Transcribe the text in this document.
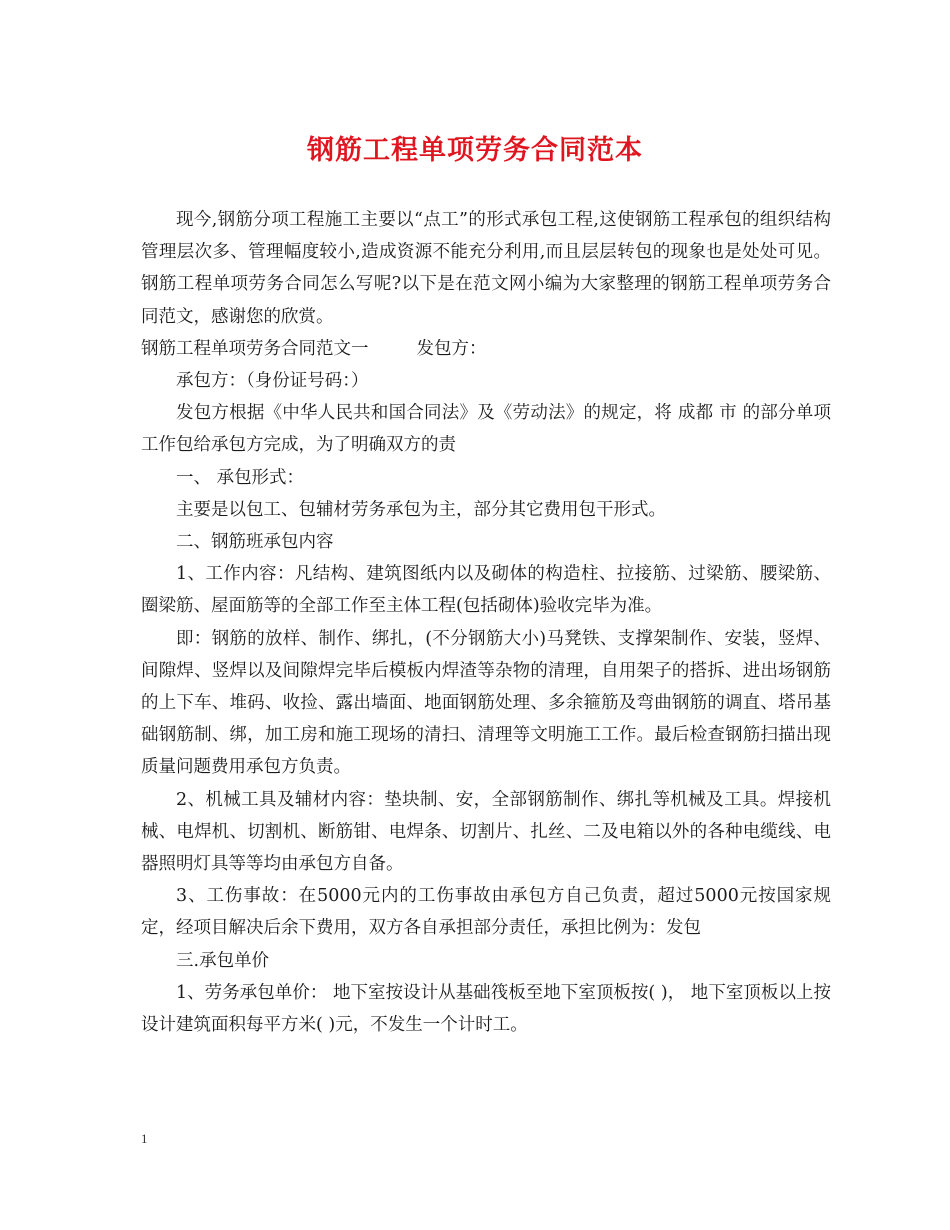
钢筋工程单项劳务合同范本

现今,钢筋分项工程施工主要以“点工”的形式承包工程,这使钢筋工程承包的组织结构管理层次多、管理幅度较小,造成资源不能充分利用,而且层层转包的现象也是处处可见。钢筋工程单项劳务合同怎么写呢?以下是在范文网小编为大家整理的钢筋工程单项劳务合同范文，感谢您的欣赏。

钢筋工程单项劳务合同范文一	发包方：

承包方：（身份证号码：）

发包方根据《中华人民共和国合同法》及《劳动法》的规定，将 成都 市 的部分单项工作包给承包方完成，为了明确双方的责

一、 承包形式：

主要是以包工、包辅材劳务承包为主，部分其它费用包干形式。

二、钢筋班承包内容

1、工作内容：凡结构、建筑图纸内以及砌体的构造柱、拉接筋、过梁筋、腰梁筋、圈梁筋、屋面筋等的全部工作至主体工程(包括砌体)验收完毕为准。

即：钢筋的放样、制作、绑扎，(不分钢筋大小)马凳铁、支撑架制作、安装，竖焊、间隙焊、竖焊以及间隙焊完毕后模板内焊渣等杂物的清理，自用架子的搭拆、进出场钢筋的上下车、堆码、收捡、露出墙面、地面钢筋处理、多余箍筋及弯曲钢筋的调直、塔吊基础钢筋制、绑，加工房和施工现场的清扫、清理等文明施工工作。最后检查钢筋扫描出现质量问题费用承包方负责。

2、机械工具及辅材内容：垫块制、安，全部钢筋制作、绑扎等机械及工具。焊接机械、电焊机、切割机、断筋钳、电焊条、切割片、扎丝、二及电箱以外的各种电缆线、电器照明灯具等等均由承包方自备。

3、工伤事故：在5000元内的工伤事故由承包方自己负责，超过5000元按国家规定，经项目解决后余下费用，双方各自承担部分责任，承担比例为：发包

三.承包单价

1、劳务承包单价： 地下室按设计从基础筏板至地下室顶板按( )， 地下室顶板以上按设计建筑面积每平方米( )元，不发生一个计时工。

1
